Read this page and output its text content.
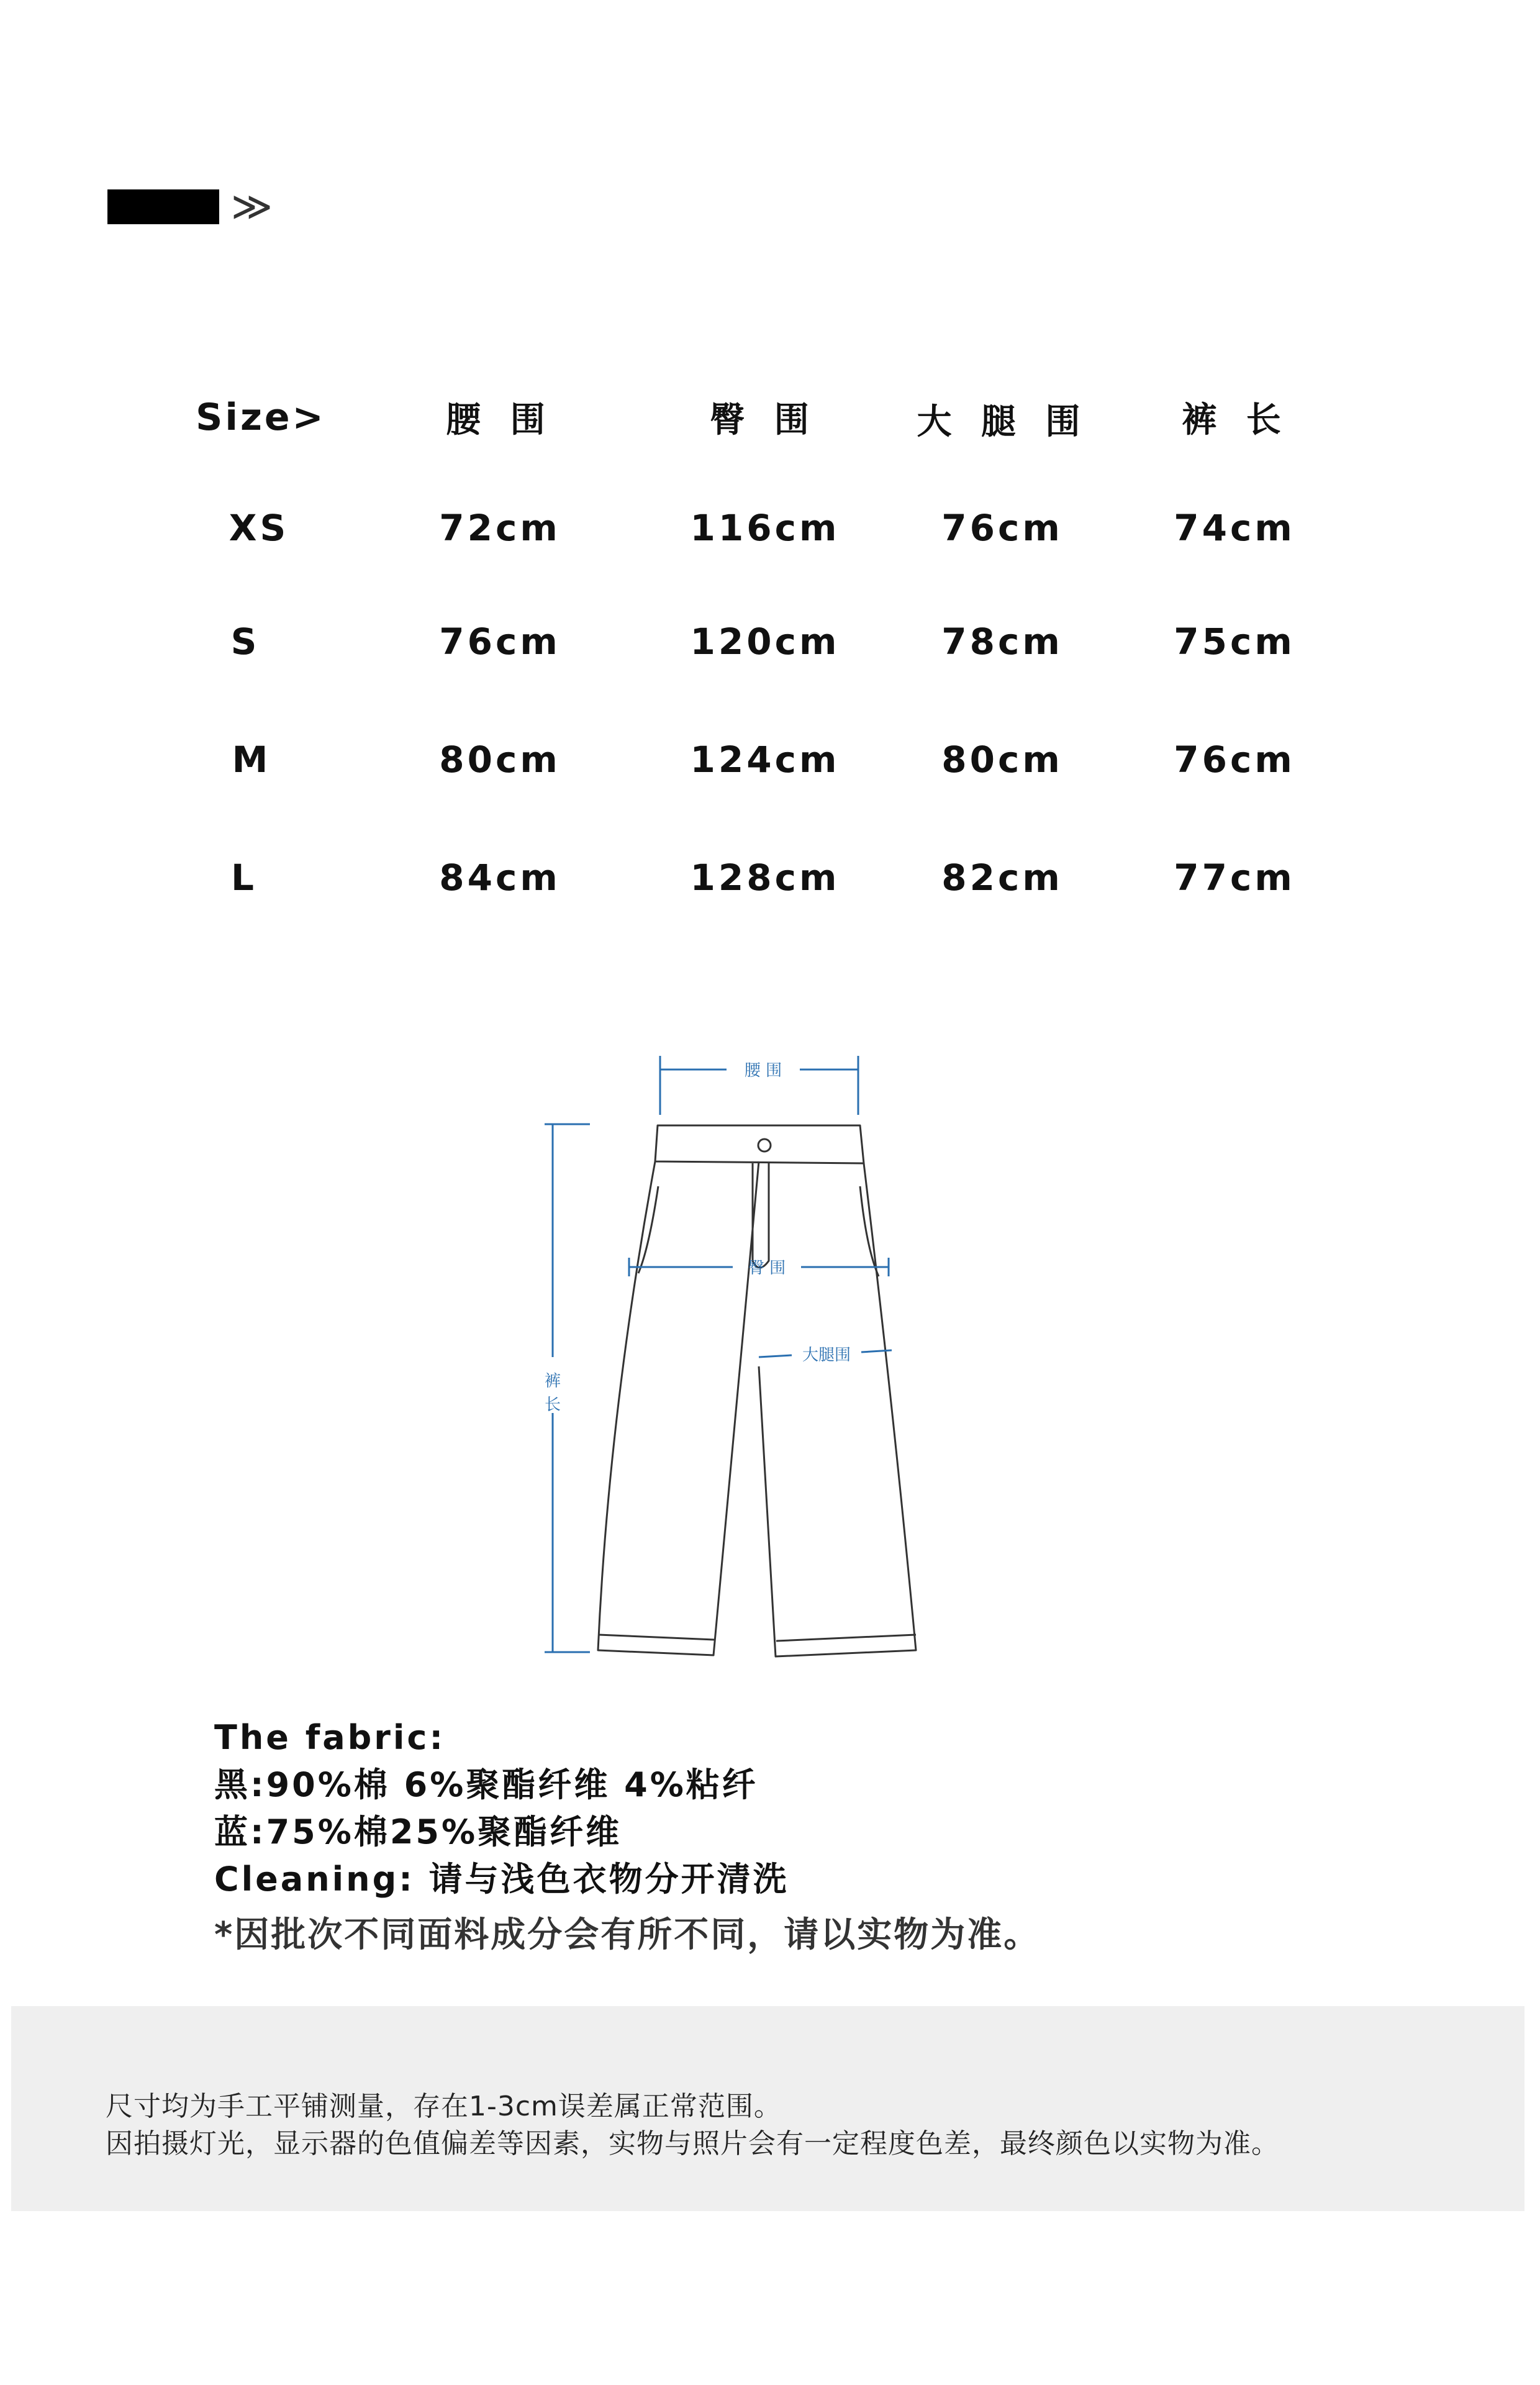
≫
Size>	腰 围	臀 围	大 腿 围	裤 长
XS	72cm	116cm	76cm	74cm
S	76cm	120cm	78cm	75cm
M	80cm	124cm	80cm	76cm
L	84cm	128cm	82cm	77cm
腰 围
臀 围
大腿围
裤
长
The fabric:
黑:90%棉 6%聚酯纤维 4%粘纤
蓝:75%棉25%聚酯纤维
Cleaning: 请与浅色衣物分开清洗
*因批次不同面料成分会有所不同，请以实物为准。
尺寸均为手工平铺测量，存在1-3cm误差属正常范围。
因拍摄灯光，显示器的色值偏差等因素，实物与照片会有一定程度色差，最终颜色以实物为准。
